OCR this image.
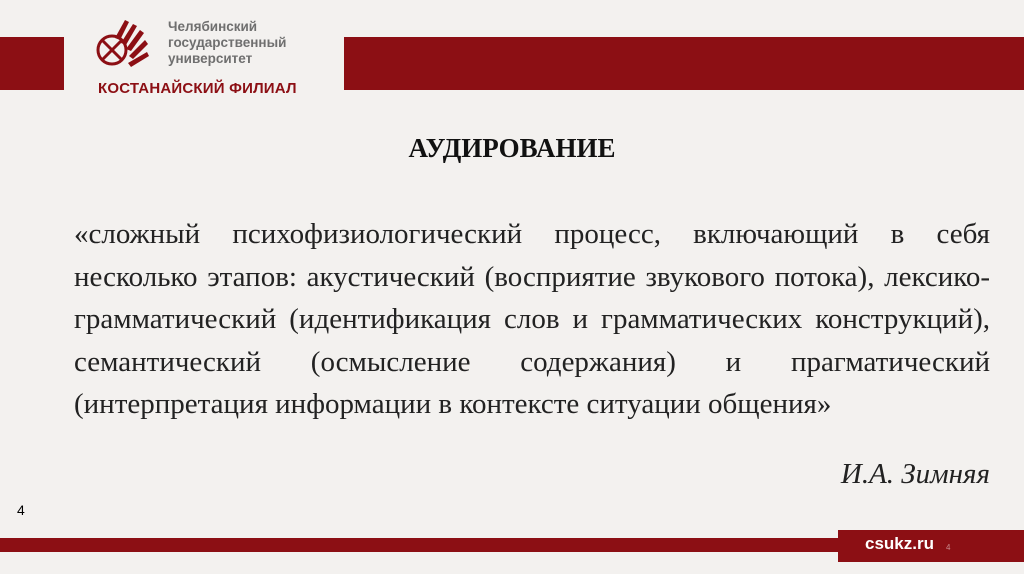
Челябинский
государственный
университет
КОСТАНАЙСКИЙ ФИЛИАЛ
АУДИРОВАНИЕ
«сложный психофизиологический процесс, включающий в себя несколько этапов: акустический (восприятие звукового потока), лексико-грамматический (идентификация слов и грамматических конструкций), семантический (осмысление содержания) и прагматический (интерпретация информации в контексте ситуации общения»
И.А. Зимняя
4
csukz.ru 4
